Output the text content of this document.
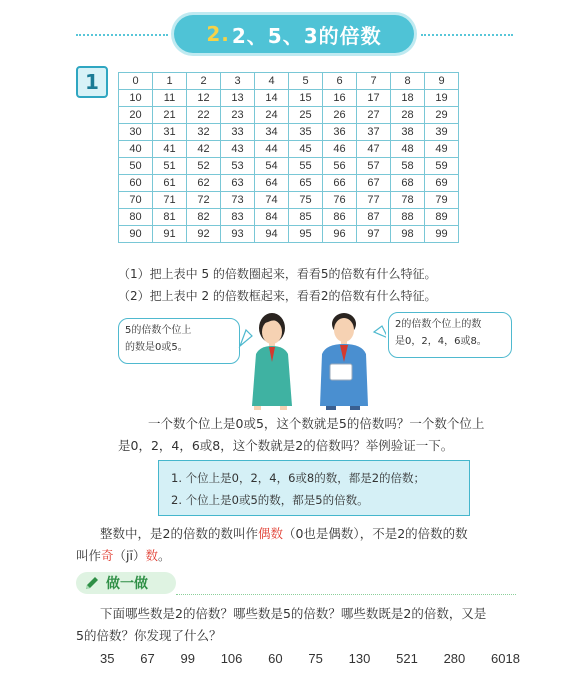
2. 2、5、3的倍数
1	0	1	2	3	4	5	6	7	8	9
10	11	12	13	14	15	16	17	18	19
20	21	22	23	24	25	26	27	28	29
30	31	32	33	34	35	36	37	38	39
40	41	42	43	44	45	46	47	48	49
50	51	52	53	54	55	56	57	58	59
60	61	62	63	64	65	66	67	68	69
70	71	72	73	74	75	76	77	78	79
80	81	82	83	84	85	86	87	88	89
90	91	92	93	94	95	96	97	98	99
（1）把上表中 5 的倍数圈起来，看看5的倍数有什么特征。
（2）把上表中 2 的倍数框起来，看看2的倍数有什么特征。
5的倍数个位上
的数是0或5。
2的倍数个位上的数
是0，2，4，6或8。
一个数个位上是0或5，这个数就是5的倍数吗？一个数个位上
是0，2，4，6或8，这个数就是2的倍数吗？举例验证一下。
1. 个位上是0，2，4，6或8的数，都是2的倍数；
2. 个位上是0或5的数，都是5的倍数。
整数中，是2的倍数的数叫作偶数（0也是偶数），不是2的倍数的数
叫作奇（jī）数。
做一做
下面哪些数是2的倍数？哪些数是5的倍数？哪些数既是2的倍数，又是
5的倍数？你发现了什么？
35 67 99 106 60 75 130 521 280 6018
